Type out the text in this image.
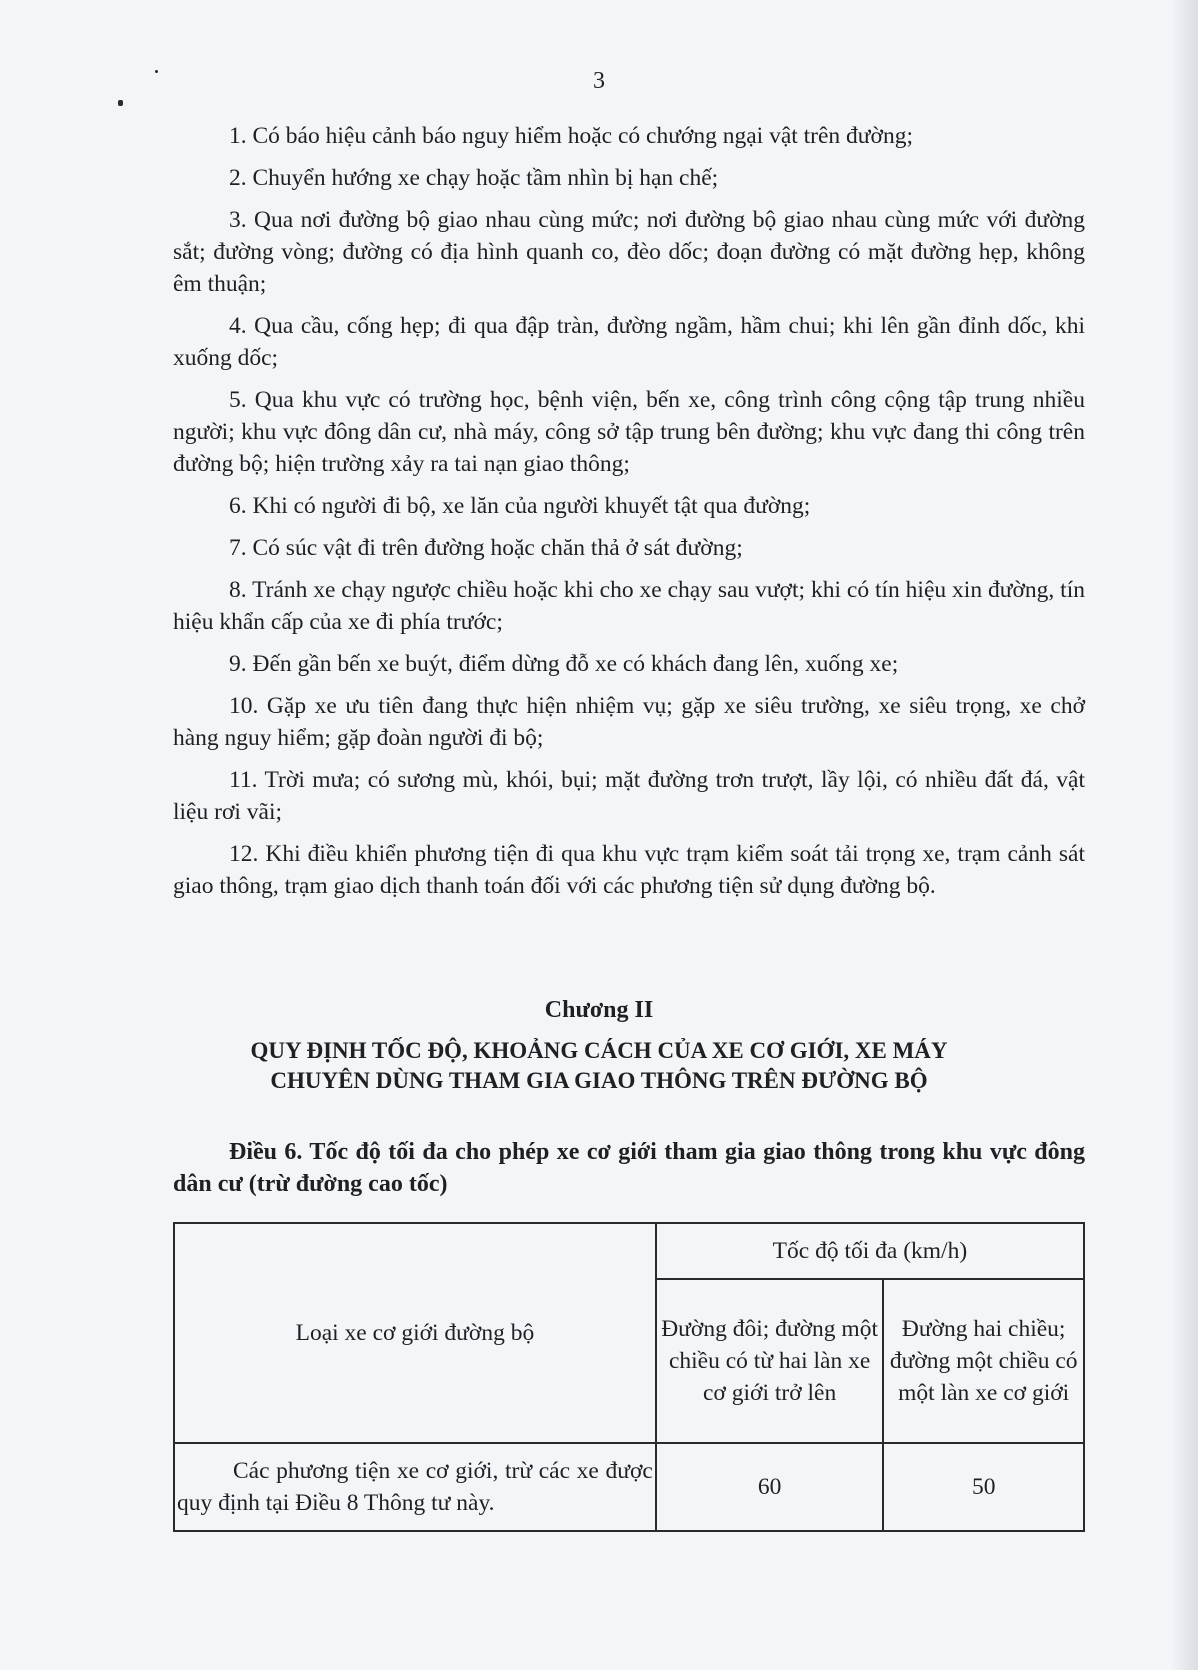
3

1. Có báo hiệu cảnh báo nguy hiểm hoặc có chướng ngại vật trên đường;

2. Chuyển hướng xe chạy hoặc tầm nhìn bị hạn chế;

3. Qua nơi đường bộ giao nhau cùng mức; nơi đường bộ giao nhau cùng mức với đường sắt; đường vòng; đường có địa hình quanh co, đèo dốc; đoạn đường có mặt đường hẹp, không êm thuận;

4. Qua cầu, cống hẹp; đi qua đập tràn, đường ngầm, hầm chui; khi lên gần đỉnh dốc, khi xuống dốc;

5. Qua khu vực có trường học, bệnh viện, bến xe, công trình công cộng tập trung nhiều người; khu vực đông dân cư, nhà máy, công sở tập trung bên đường; khu vực đang thi công trên đường bộ; hiện trường xảy ra tai nạn giao thông;

6. Khi có người đi bộ, xe lăn của người khuyết tật qua đường;

7. Có súc vật đi trên đường hoặc chăn thả ở sát đường;

8. Tránh xe chạy ngược chiều hoặc khi cho xe chạy sau vượt; khi có tín hiệu xin đường, tín hiệu khẩn cấp của xe đi phía trước;

9. Đến gần bến xe buýt, điểm dừng đỗ xe có khách đang lên, xuống xe;

10. Gặp xe ưu tiên đang thực hiện nhiệm vụ; gặp xe siêu trường, xe siêu trọng, xe chở hàng nguy hiểm; gặp đoàn người đi bộ;

11. Trời mưa; có sương mù, khói, bụi; mặt đường trơn trượt, lầy lội, có nhiều đất đá, vật liệu rơi vãi;

12. Khi điều khiển phương tiện đi qua khu vực trạm kiểm soát tải trọng xe, trạm cảnh sát giao thông, trạm giao dịch thanh toán đối với các phương tiện sử dụng đường bộ.

Chương II
QUY ĐỊNH TỐC ĐỘ, KHOẢNG CÁCH CỦA XE CƠ GIỚI, XE MÁY
CHUYÊN DÙNG THAM GIA GIAO THÔNG TRÊN ĐƯỜNG BỘ
Điều 6. Tốc độ tối đa cho phép xe cơ giới tham gia giao thông trong khu vực đông dân cư (trừ đường cao tốc)
Loại xe cơ giới đường bộ	Tốc độ tối đa (km/h)	
	Đường đôi; đường một chiều có từ hai làn xe cơ giới trở lên	Đường hai chiều; đường một chiều có một làn xe cơ giới
Các phương tiện xe cơ giới, trừ các xe được quy định tại Điều 8 Thông tư này.	60	50
